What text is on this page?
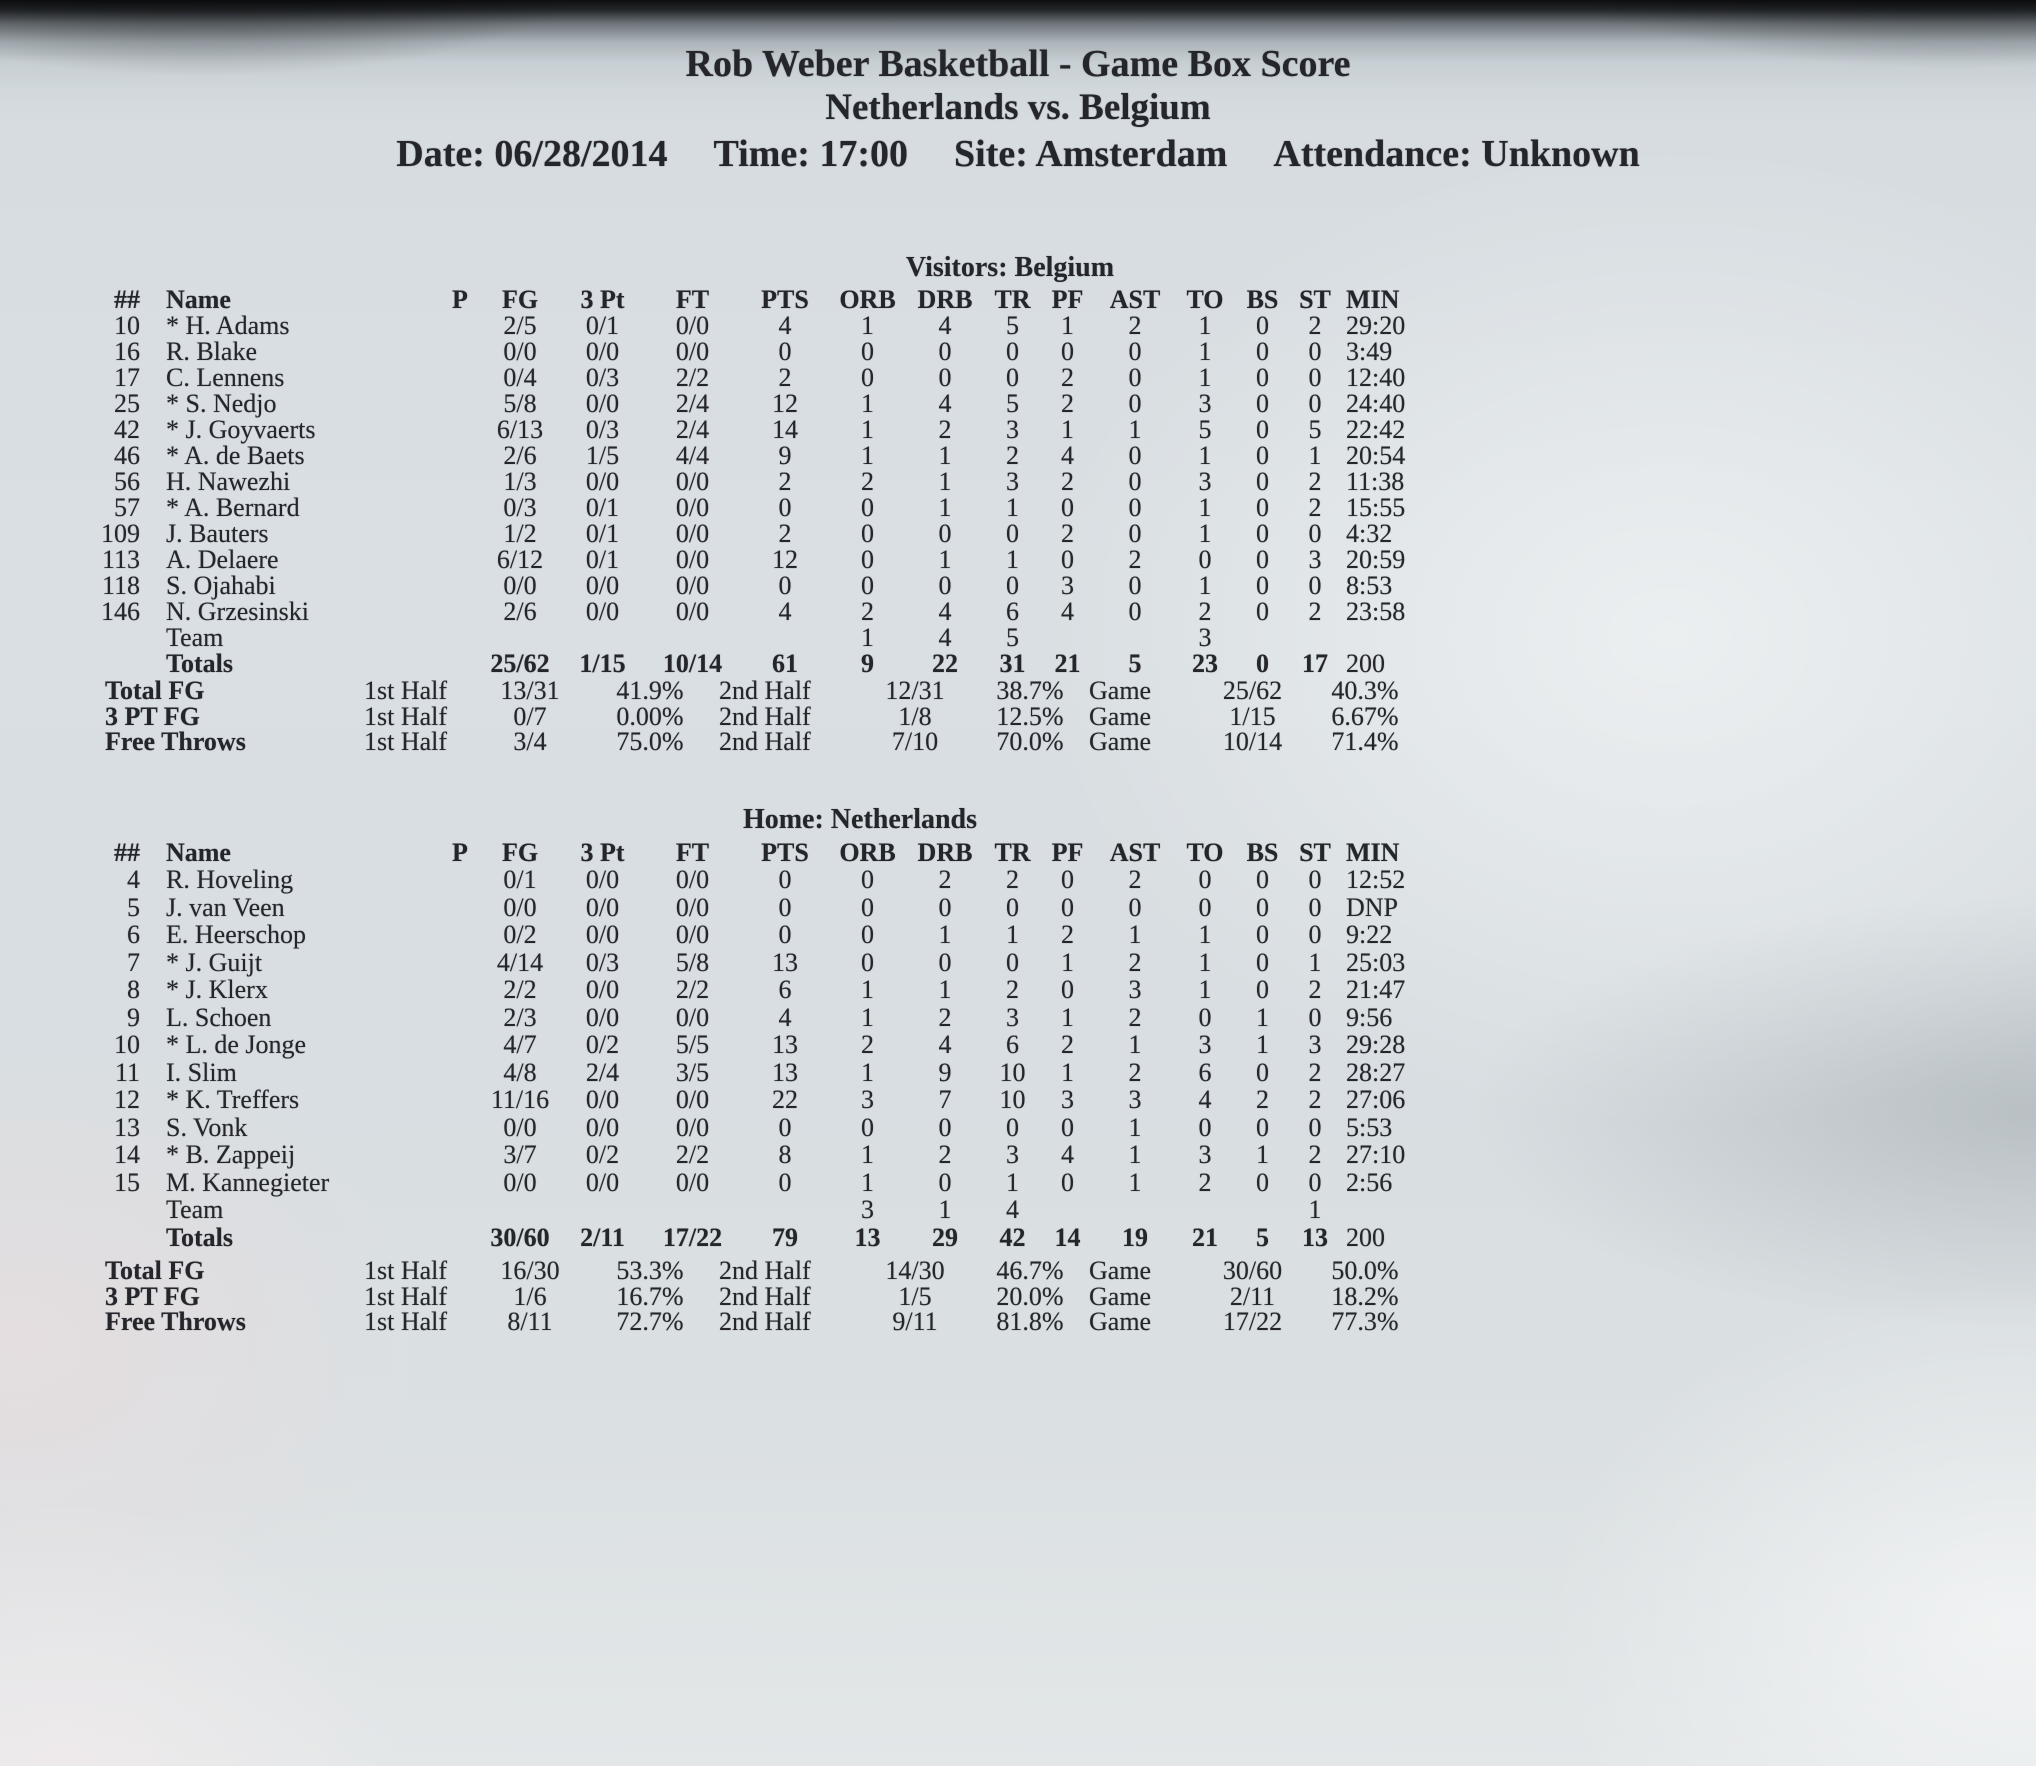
Rob Weber Basketball - Game Box Score
Netherlands vs. Belgium
Date: 06/28/2014 Time: 17:00 Site: Amsterdam Attendance: Unknown
Visitors: Belgium
##	Name	P	FG	3 Pt	FT	PTS	ORB	DRB	TR	PF	AST	TO	BS	ST	MIN
10	* H. Adams		2/5	0/1	0/0	4	1	4	5	1	2	1	0	2	29:20
16	R. Blake		0/0	0/0	0/0	0	0	0	0	0	0	1	0	0	3:49
17	C. Lennens		0/4	0/3	2/2	2	0	0	0	2	0	1	0	0	12:40
25	* S. Nedjo		5/8	0/0	2/4	12	1	4	5	2	0	3	0	0	24:40
42	* J. Goyvaerts		6/13	0/3	2/4	14	1	2	3	1	1	5	0	5	22:42
46	* A. de Baets		2/6	1/5	4/4	9	1	1	2	4	0	1	0	1	20:54
56	H. Nawezhi		1/3	0/0	0/0	2	2	1	3	2	0	3	0	2	11:38
57	* A. Bernard		0/3	0/1	0/0	0	0	1	1	0	0	1	0	2	15:55
109	J. Bauters		1/2	0/1	0/0	2	0	0	0	2	0	1	0	0	4:32
113	A. Delaere		6/12	0/1	0/0	12	0	1	1	0	2	0	0	3	20:59
118	S. Ojahabi		0/0	0/0	0/0	0	0	0	0	3	0	1	0	0	8:53
146	N. Grzesinski		2/6	0/0	0/0	4	2	4	6	4	0	2	0	2	23:58
	Team						1	4	5			3			
	Totals		25/62	1/15	10/14	61	9	22	31	21	5	23	0	17	200
Total FG	1st Half	13/31	41.9%	2nd Half	12/31	38.7%	Game	25/62	40.3%
3 PT FG	1st Half	0/7	0.00%	2nd Half	1/8	12.5%	Game	1/15	6.67%
Free Throws	1st Half	3/4	75.0%	2nd Half	7/10	70.0%	Game	10/14	71.4%
Home: Netherlands
##	Name	P	FG	3 Pt	FT	PTS	ORB	DRB	TR	PF	AST	TO	BS	ST	MIN
4	R. Hoveling		0/1	0/0	0/0	0	0	2	2	0	2	0	0	0	12:52
5	J. van Veen		0/0	0/0	0/0	0	0	0	0	0	0	0	0	0	DNP
6	E. Heerschop		0/2	0/0	0/0	0	0	1	1	2	1	1	0	0	9:22
7	* J. Guijt		4/14	0/3	5/8	13	0	0	0	1	2	1	0	1	25:03
8	* J. Klerx		2/2	0/0	2/2	6	1	1	2	0	3	1	0	2	21:47
9	L. Schoen		2/3	0/0	0/0	4	1	2	3	1	2	0	1	0	9:56
10	* L. de Jonge		4/7	0/2	5/5	13	2	4	6	2	1	3	1	3	29:28
11	I. Slim		4/8	2/4	3/5	13	1	9	10	1	2	6	0	2	28:27
12	* K. Treffers		11/16	0/0	0/0	22	3	7	10	3	3	4	2	2	27:06
13	S. Vonk		0/0	0/0	0/0	0	0	0	0	0	1	0	0	0	5:53
14	* B. Zappeij		3/7	0/2	2/2	8	1	2	3	4	1	3	1	2	27:10
15	M. Kannegieter		0/0	0/0	0/0	0	1	0	1	0	1	2	0	0	2:56
	Team						3	1	4					1	
	Totals		30/60	2/11	17/22	79	13	29	42	14	19	21	5	13	200
Total FG	1st Half	16/30	53.3%	2nd Half	14/30	46.7%	Game	30/60	50.0%
3 PT FG	1st Half	1/6	16.7%	2nd Half	1/5	20.0%	Game	2/11	18.2%
Free Throws	1st Half	8/11	72.7%	2nd Half	9/11	81.8%	Game	17/22	77.3%
